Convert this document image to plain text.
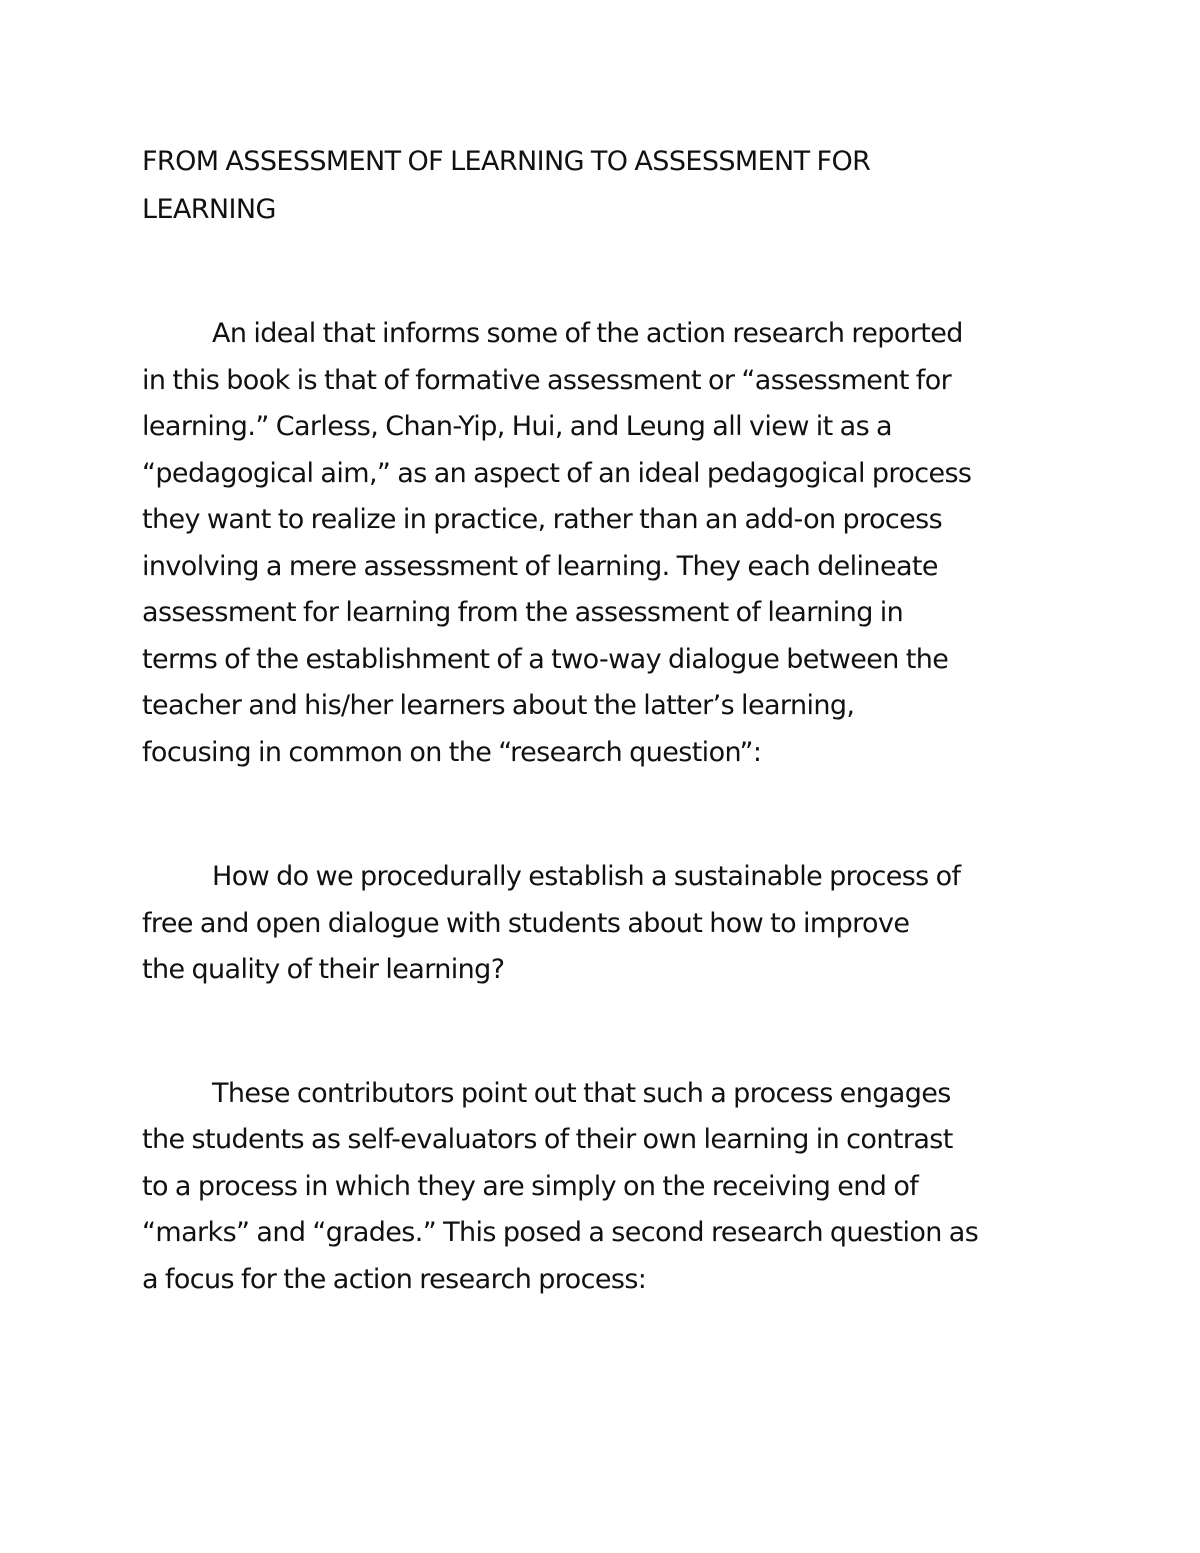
FROM ASSESSMENT OF LEARNING TO ASSESSMENT FOR

LEARNING

An ideal that informs some of the action research reported

in this book is that of formative assessment or “assessment for

learning.” Carless, Chan-Yip, Hui, and Leung all view it as a

“pedagogical aim,” as an aspect of an ideal pedagogical process

they want to realize in practice, rather than an add-on process

involving a mere assessment of learning. They each delineate

assessment for learning from the assessment of learning in

terms of the establishment of a two-way dialogue between the

teacher and his/her learners about the latter’s learning,

focusing in common on the “research question”:

How do we procedurally establish a sustainable process of

free and open dialogue with students about how to improve

the quality of their learning?

These contributors point out that such a process engages

the students as self-evaluators of their own learning in contrast

to a process in which they are simply on the receiving end of

“marks” and “grades.” This posed a second research question as

a focus for the action research process:
